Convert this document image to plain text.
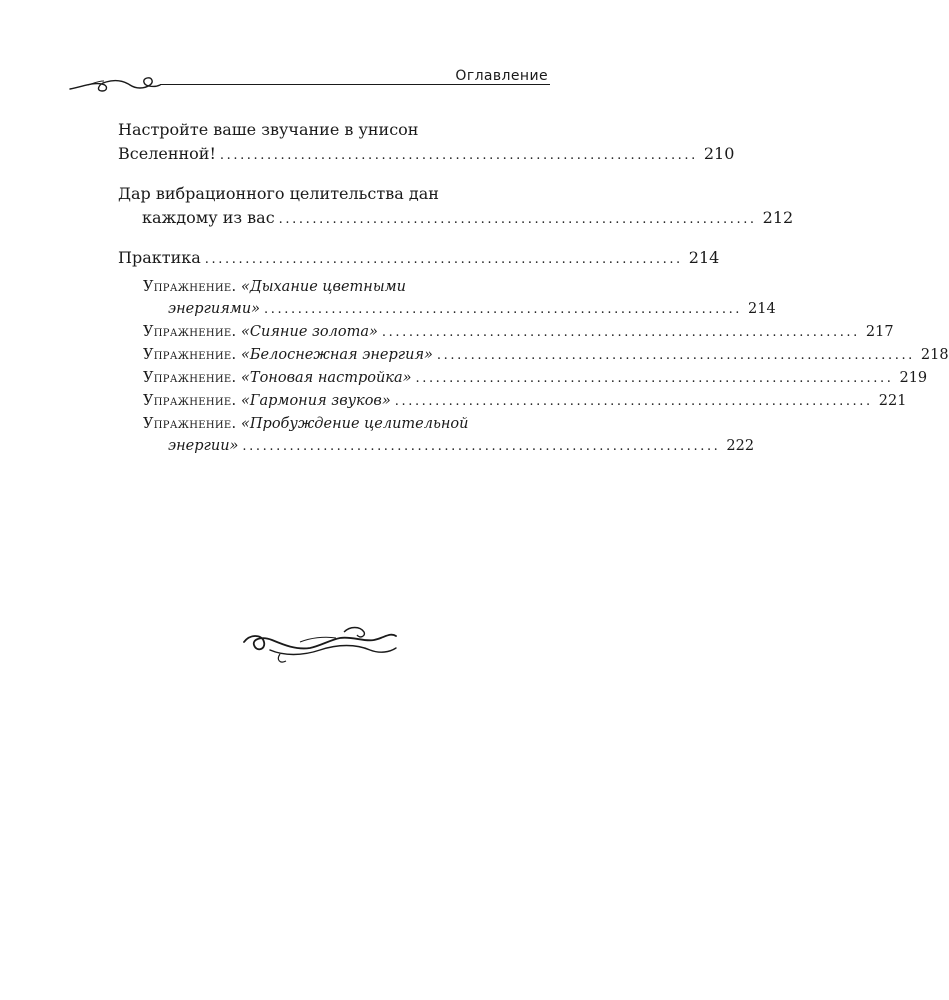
Оглавление
Настройте ваше звучание в унисон
Вселенной! ....................................................................... 210
Дар вибрационного целительства дан
каждому из вас ....................................................................... 212
Практика ....................................................................... 214
Упражнение. «Дыхание цветными
энергиями» ....................................................................... 214
Упражнение.
«Сияние золота» ....................................................................... 217
Упражнение.
«Белоснежная энергия» ....................................................................... 218
Упражнение.
«Тоновая настройка» ....................................................................... 219
Упражнение.
«Гармония звуков» ....................................................................... 221
Упражнение. «Пробуждение целительной
энергии» ....................................................................... 222
